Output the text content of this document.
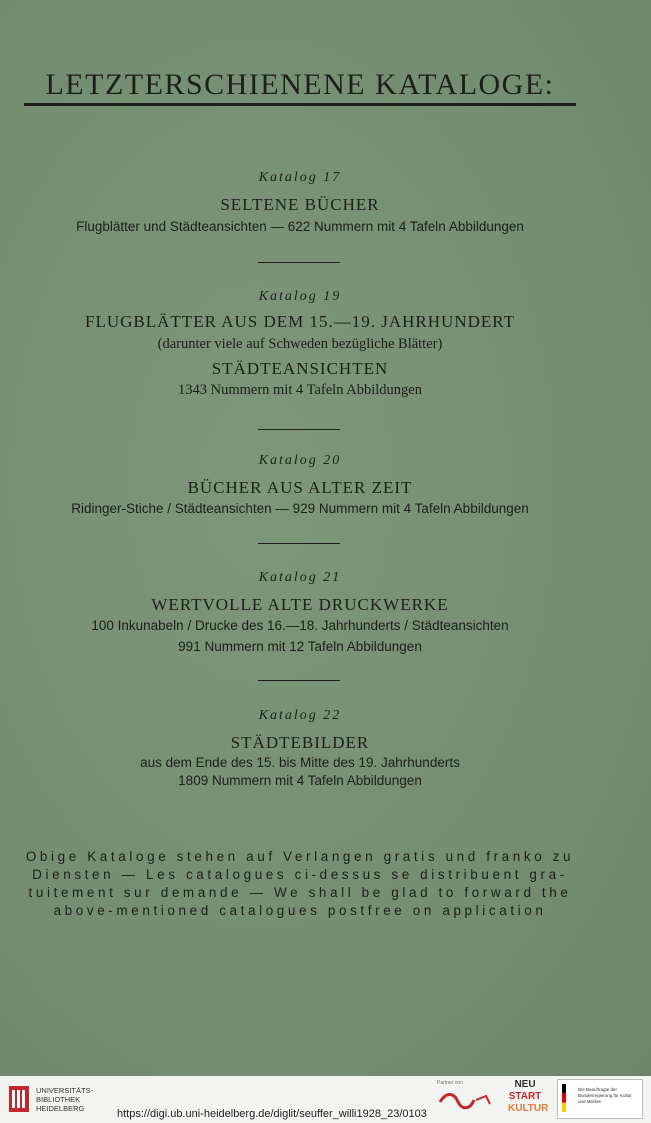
LETZTERSCHIENENE KATALOGE:
Katalog 17
SELTENE BÜCHER
Flugblätter und Städteansichten — 622 Nummern mit 4 Tafeln Abbildungen
Katalog 19
FLUGBLÄTTER AUS DEM 15.—19. JAHRHUNDERT
(darunter viele auf Schweden bezügliche Blätter)
STÄDTEANSICHTEN
1343 Nummern mit 4 Tafeln Abbildungen
Katalog 20
BÜCHER AUS ALTER ZEIT
Ridinger-Stiche / Städteansichten — 929 Nummern mit 4 Tafeln Abbildungen
Katalog 21
WERTVOLLE ALTE DRUCKWERKE
100 Inkunabeln / Drucke des 16.—18. Jahrhunderts / Städteansichten
991 Nummern mit 12 Tafeln Abbildungen
Katalog 22
STÄDTEBILDER
aus dem Ende des 15. bis Mitte des 19. Jahrhunderts
1809 Nummern mit 4 Tafeln Abbildungen
Obige Kataloge stehen auf Verlangen gratis und franko zu
Diensten — Les catalogues ci-dessus se distribuent gra-
tuitement sur demande — We shall be glad to forward the
above-mentioned catalogues postfree on application
UNIVERSITÄTS-
BIBLIOTHEK
HEIDELBERG	https://digi.ub.uni-heidelberg.de/diglit/seuffer_willi1928_23/0103
Partner von	NEU
START
KULTUR
Die Beauftragte der Bundesregierung für Kultur und Medien
